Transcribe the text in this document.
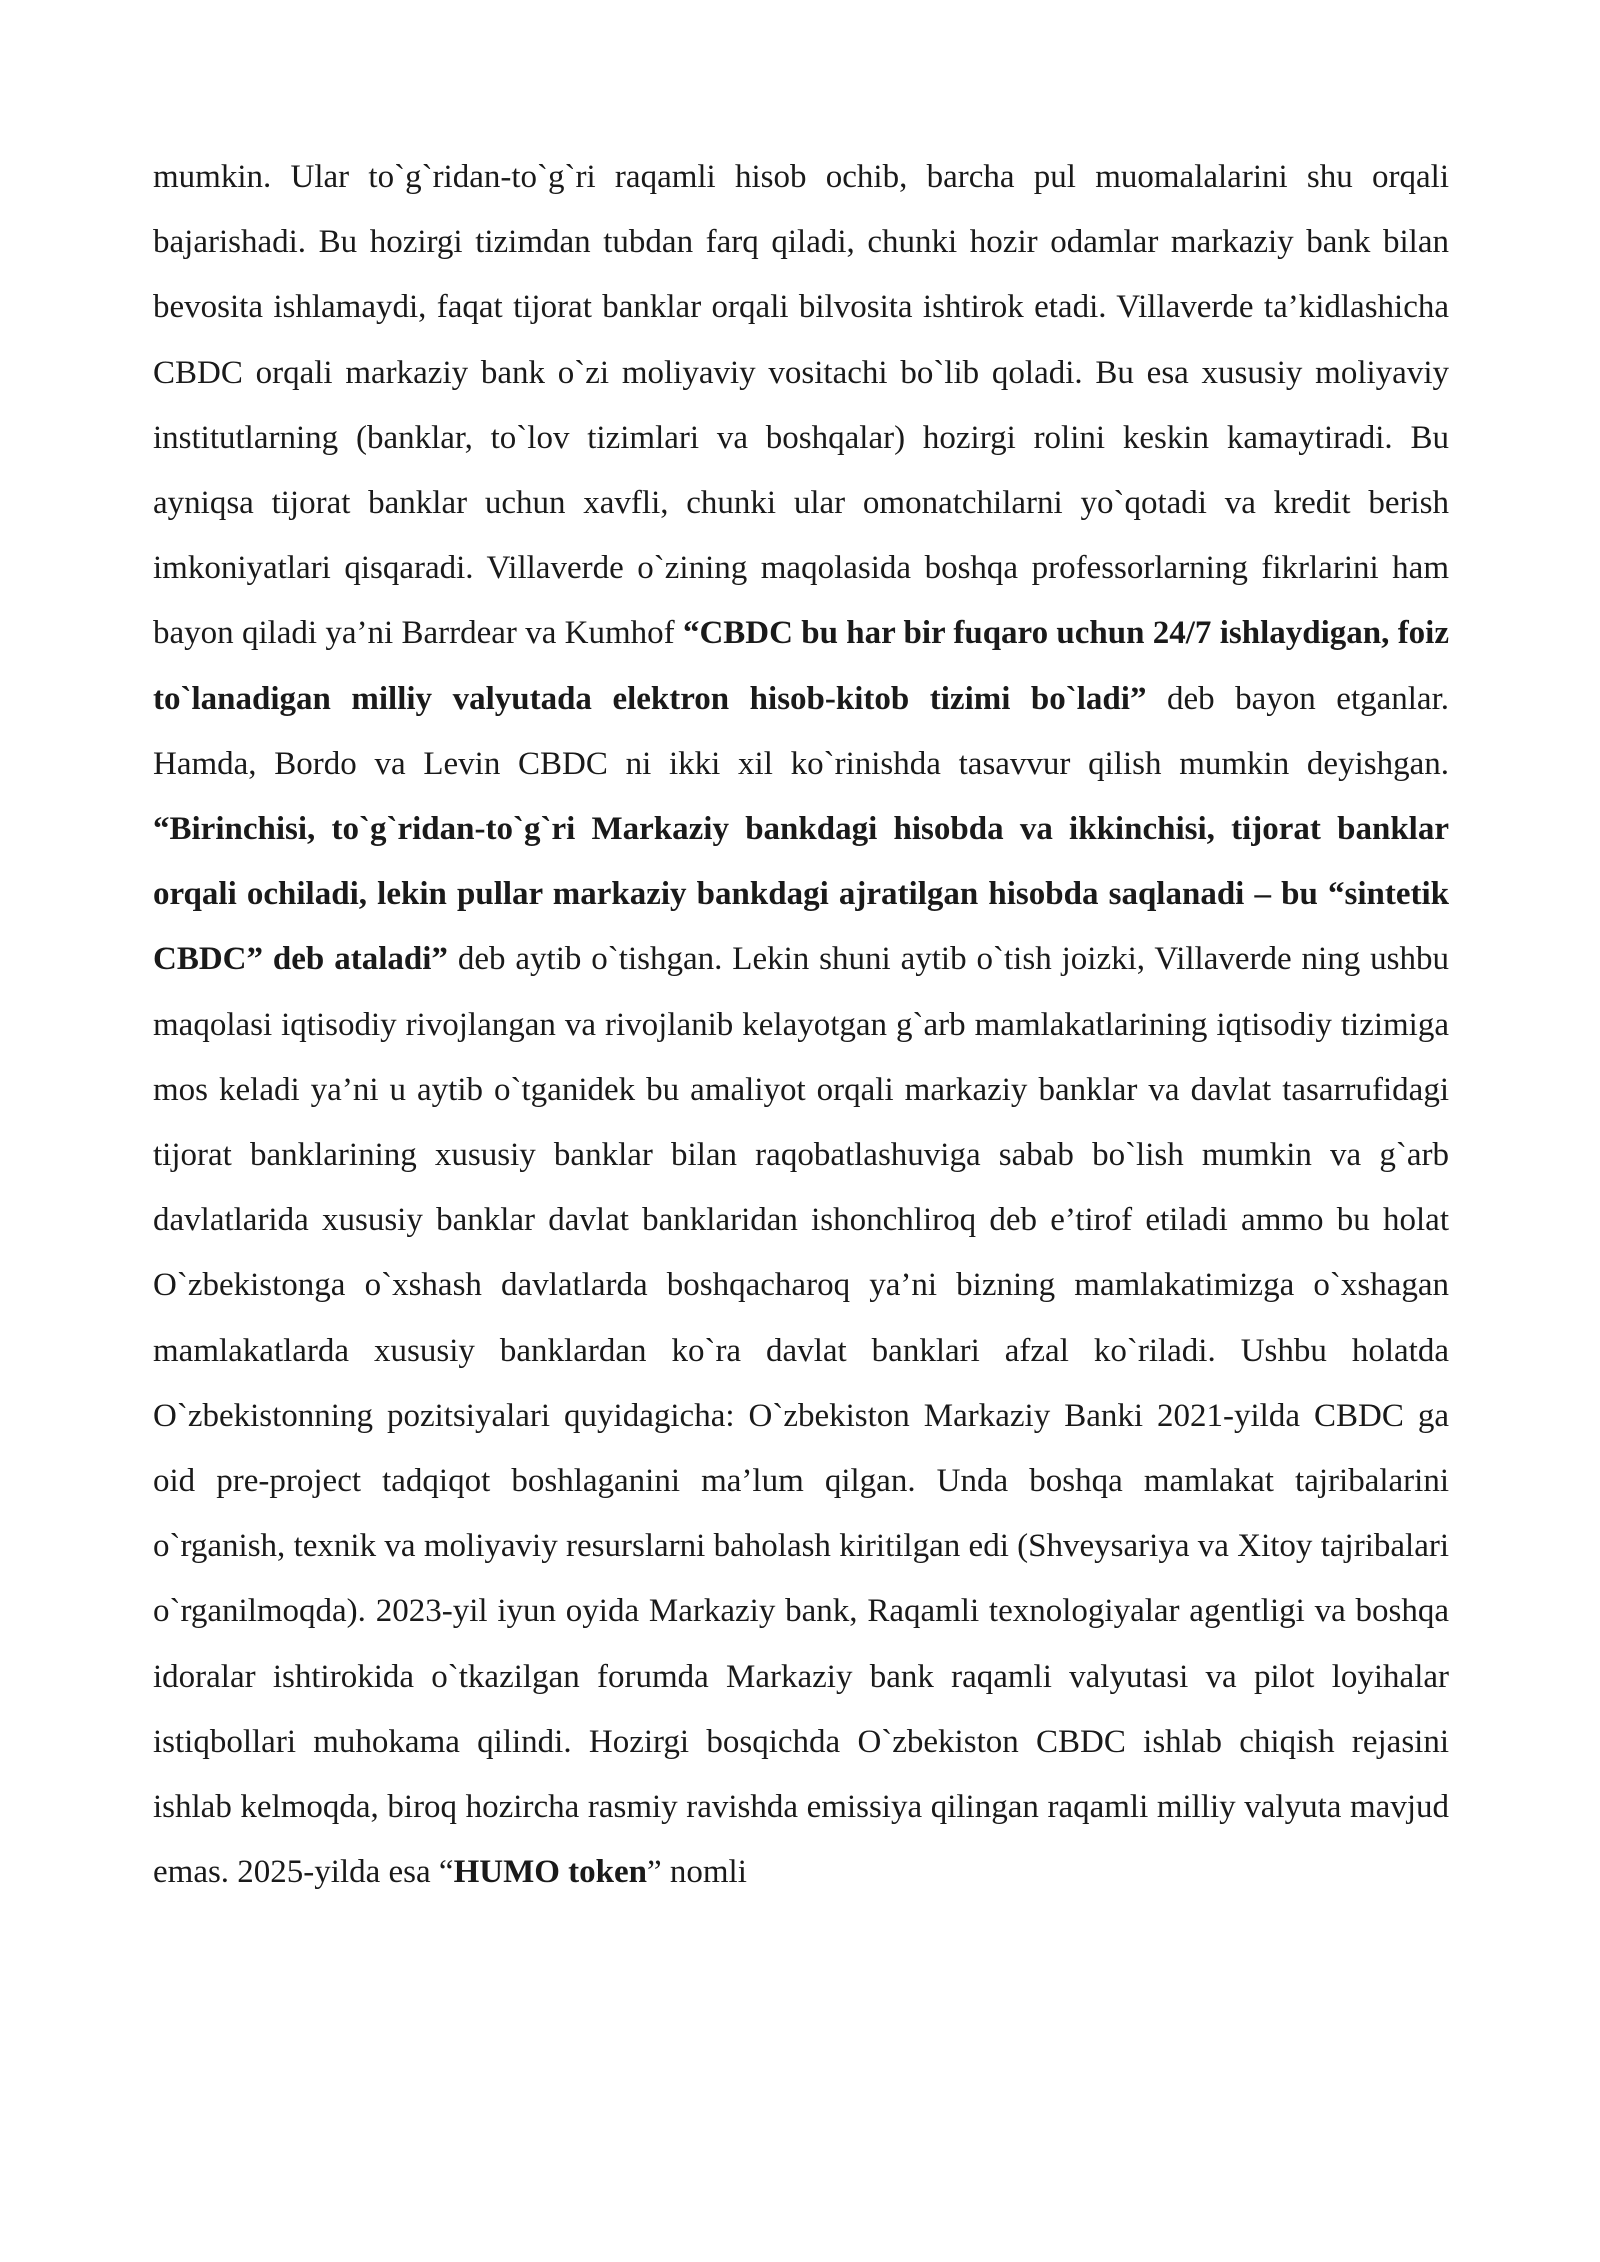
mumkin. Ular to`g`ridan-to`g`ri raqamli hisob ochib, barcha pul muomalalarini shu orqali bajarishadi. Bu hozirgi tizimdan tubdan farq qiladi, chunki hozir odamlar markaziy bank bilan bevosita ishlamaydi, faqat tijorat banklar orqali bilvosita ishtirok etadi. Villaverde ta’kidlashicha CBDC orqali markaziy bank o`zi moliyaviy vositachi bo`lib qoladi. Bu esa xususiy moliyaviy institutlarning (banklar, to`lov tizimlari va boshqalar) hozirgi rolini keskin kamaytiradi. Bu ayniqsa tijorat banklar uchun xavfli, chunki ular omonatchilarni yo`qotadi va kredit berish imkoniyatlari qisqaradi. Villaverde o`zining maqolasida boshqa professorlarning fikrlarini ham bayon qiladi ya’ni Barrdear va Kumhof “CBDC bu har bir fuqaro uchun 24/7 ishlaydigan, foiz to`lanadigan milliy valyutada elektron hisob-kitob tizimi bo`ladi” deb bayon etganlar. Hamda, Bordo va Levin CBDC ni ikki xil ko`rinishda tasavvur qilish mumkin deyishgan. “Birinchisi, to`g`ridan-to`g`ri Markaziy bankdagi hisobda va ikkinchisi, tijorat banklar orqali ochiladi, lekin pullar markaziy bankdagi ajratilgan hisobda saqlanadi – bu “sintetik CBDC” deb ataladi” deb aytib o`tishgan. Lekin shuni aytib o`tish joizki, Villaverde ning ushbu maqolasi iqtisodiy rivojlangan va rivojlanib kelayotgan g`arb mamlakatlarining iqtisodiy tizimiga mos keladi ya’ni u aytib o`tganidek bu amaliyot orqali markaziy banklar va davlat tasarrufidagi tijorat banklarining xususiy banklar bilan raqobatlashuviga sabab bo`lish mumkin va g`arb davlatlarida xususiy banklar davlat banklaridan ishonchliroq deb e’tirof etiladi ammo bu holat O`zbekistonga o`xshash davlatlarda boshqacharoq ya’ni bizning mamlakatimizga o`xshagan mamlakatlarda xususiy banklardan ko`ra davlat banklari afzal ko`riladi. Ushbu holatda O`zbekistonning pozitsiyalari quyidagicha: O`zbekiston Markaziy Banki 2021-yilda CBDC ga oid pre-project tadqiqot boshlaganini ma’lum qilgan. Unda boshqa mamlakat tajribalarini o`rganish, texnik va moliyaviy resurslarni baholash kiritilgan edi (Shveysariya va Xitoy tajribalari o`rganilmoqda). 2023-yil iyun oyida Markaziy bank, Raqamli texnologiyalar agentligi va boshqa idoralar ishtirokida o`tkazilgan forumda Markaziy bank raqamli valyutasi va pilot loyihalar istiqbollari muhokama qilindi. Hozirgi bosqichda O`zbekiston CBDC ishlab chiqish rejasini ishlab kelmoqda, biroq hozircha rasmiy ravishda emissiya qilingan raqamli milliy valyuta mavjud emas. 2025-yilda esa “HUMO token” nomli
